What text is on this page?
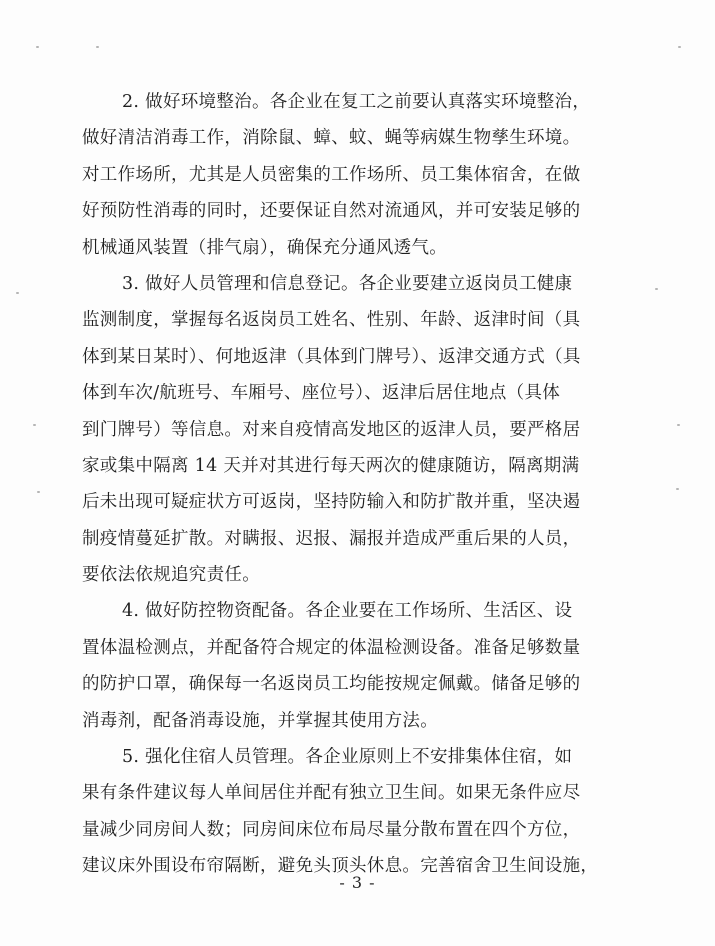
2. 做好环境整治。各企业在复工之前要认真落实环境整治，
做好清洁消毒工作，消除鼠、蟑、蚊、蝇等病媒生物孳生环境。
对工作场所，尤其是人员密集的工作场所、员工集体宿舍，在做
好预防性消毒的同时，还要保证自然对流通风，并可安装足够的
机械通风装置（排气扇），确保充分通风透气。
3. 做好人员管理和信息登记。各企业要建立返岗员工健康
监测制度，掌握每名返岗员工姓名、性别、年龄、返津时间（具
体到某日某时）、何地返津（具体到门牌号）、返津交通方式（具
体到车次/航班号、车厢号、座位号）、返津后居住地点（具体
到门牌号）等信息。对来自疫情高发地区的返津人员，要严格居
家或集中隔离 14 天并对其进行每天两次的健康随访，隔离期满
后未出现可疑症状方可返岗，坚持防输入和防扩散并重，坚决遏
制疫情蔓延扩散。对瞒报、迟报、漏报并造成严重后果的人员，
要依法依规追究责任。
4. 做好防控物资配备。各企业要在工作场所、生活区、设
置体温检测点，并配备符合规定的体温检测设备。准备足够数量
的防护口罩，确保每一名返岗员工均能按规定佩戴。储备足够的
消毒剂，配备消毒设施，并掌握其使用方法。
5. 强化住宿人员管理。各企业原则上不安排集体住宿，如
果有条件建议每人单间居住并配有独立卫生间。如果无条件应尽
量减少同房间人数；同房间床位布局尽量分散布置在四个方位，
建议床外围设布帘隔断，避免头顶头休息。完善宿舍卫生间设施，
- 3 -
